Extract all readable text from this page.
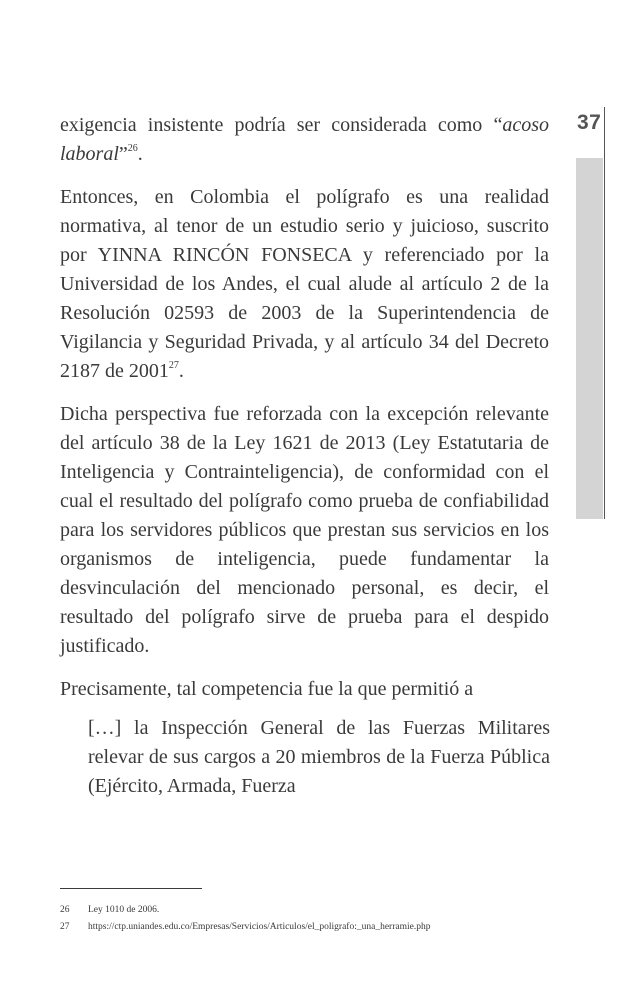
37

exigencia insistente podría ser considerada como “acoso laboral”$^{26}$.

Entonces, en Colombia el polígrafo es una realidad normativa, al tenor de un estudio serio y juicioso, suscrito por YINNA RINCÓN FONSECA y referenciado por la Universidad de los Andes, el cual alude al artículo 2 de la Resolución 02593 de 2003 de la Superintendencia de Vigilancia y Seguridad Privada, y al artículo 34 del Decreto 2187 de 2001$^{27}$.

Dicha perspectiva fue reforzada con la excepción relevante del artículo 38 de la Ley 1621 de 2013 (Ley Estatutaria de Inteligencia y Contrainteligencia), de conformidad con el cual el resultado del polígrafo como prueba de confiabilidad para los servidores públicos que prestan sus servicios en los organismos de inteligencia, puede fundamentar la desvinculación del mencionado personal, es decir, el resultado del polígrafo sirve de prueba para el despido justificado.

Precisamente, tal competencia fue la que permitió a

[…] la Inspección General de las Fuerzas Militares relevar de sus cargos a 20 miembros de la Fuerza Pública (Ejército, Armada, Fuerza
26	Ley 1010 de 2006.
27	https://ctp.uniandes.edu.co/Empresas/Servicios/Articulos/el_poligrafo:_una_herramie.php
